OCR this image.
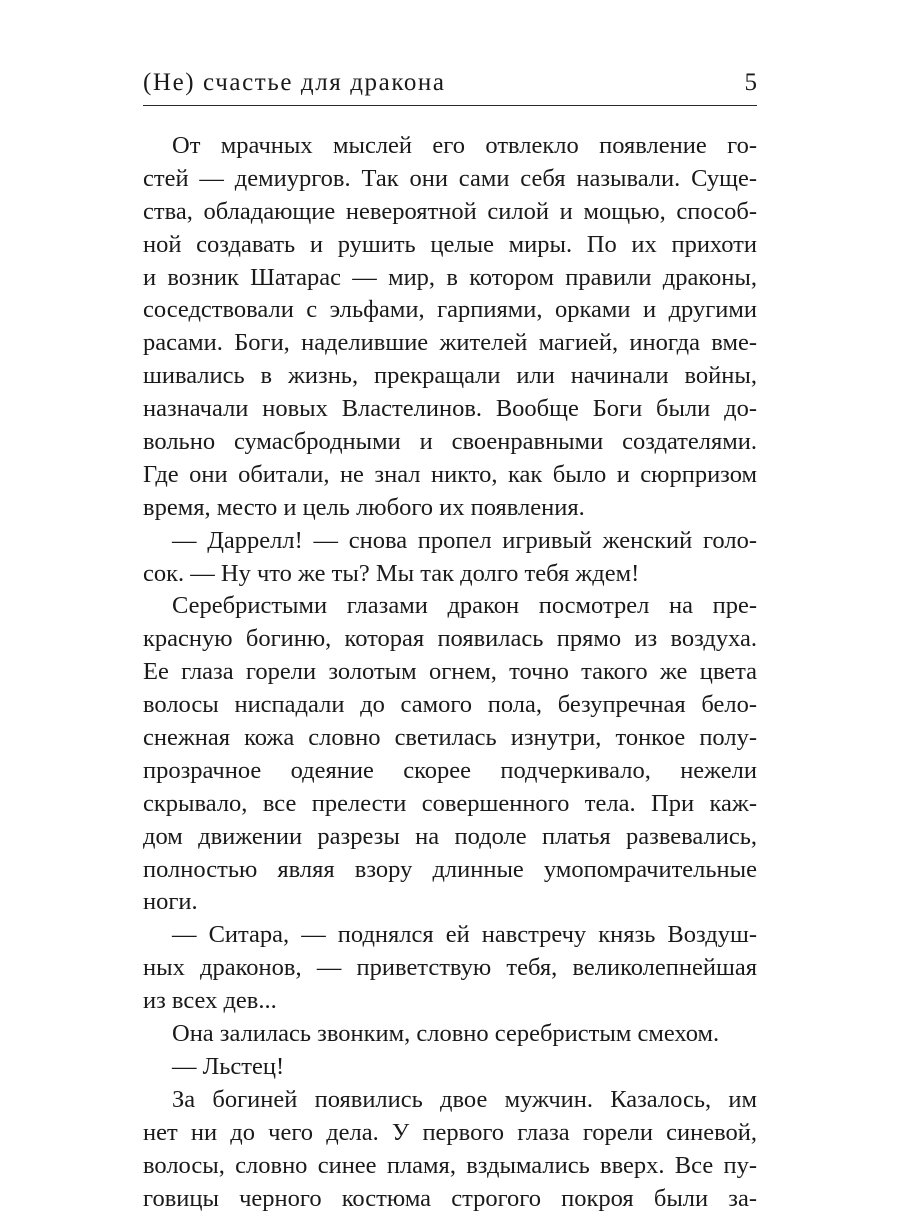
(Не) счастье для дракона	5
От мрачных мыслей его отвлекло появление го-
стей — демиургов. Так они сами себя называли. Суще-
ства, обладающие невероятной силой и мощью, способ-
ной создавать и рушить целые миры. По их прихоти
и возник Шатарас — мир, в котором правили драконы,
соседствовали с эльфами, гарпиями, орками и другими
расами. Боги, наделившие жителей магией, иногда вме-
шивались в жизнь, прекращали или начинали войны,
назначали новых Властелинов. Вообще Боги были до-
вольно сумасбродными и своенравными создателями.
Где они обитали, не знал никто, как было и сюрпризом
время, место и цель любого их появления.
— Даррелл! — снова пропел игривый женский голо-
сок. — Ну что же ты? Мы так долго тебя ждем!
Серебристыми глазами дракон посмотрел на пре-
красную богиню, которая появилась прямо из воздуха.
Ее глаза горели золотым огнем, точно такого же цвета
волосы ниспадали до самого пола, безупречная бело-
снежная кожа словно светилась изнутри, тонкое полу-
прозрачное одеяние скорее подчеркивало, нежели
скрывало, все прелести совершенного тела. При каж-
дом движении разрезы на подоле платья развевались,
полностью являя взору длинные умопомрачительные
ноги.
— Ситара, — поднялся ей навстречу князь Воздуш-
ных драконов, — приветствую тебя, великолепнейшая
из всех дев...
Она залилась звонким, словно серебристым смехом.
— Льстец!
За богиней появились двое мужчин. Казалось, им
нет ни до чего дела. У первого глаза горели синевой,
волосы, словно синее пламя, вздымались вверх. Все пу-
говицы черного костюма строгого покроя были за-
